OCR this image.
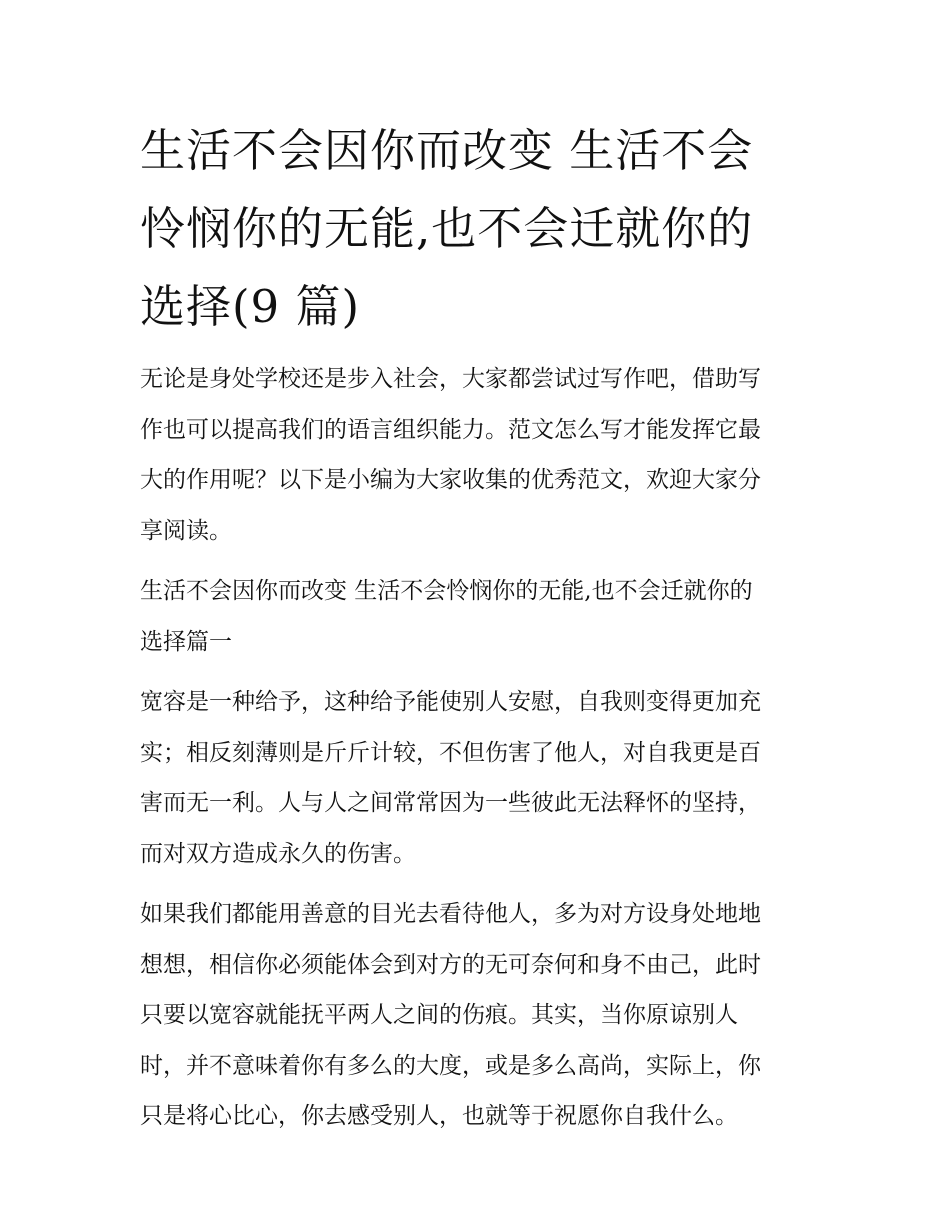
生活不会因你而改变 生活不会
怜悯你的无能,也不会迁就你的
选择(9 篇)

无论是身处学校还是步入社会，大家都尝试过写作吧，借助写
作也可以提高我们的语言组织能力。范文怎么写才能发挥它最
大的作用呢？以下是小编为大家收集的优秀范文，欢迎大家分
享阅读。

生活不会因你而改变 生活不会怜悯你的无能,也不会迁就你的
选择篇一

宽容是一种给予，这种给予能使别人安慰，自我则变得更加充
实；相反刻薄则是斤斤计较，不但伤害了他人，对自我更是百
害而无一利。人与人之间常常因为一些彼此无法释怀的坚持，
而对双方造成永久的伤害。

如果我们都能用善意的目光去看待他人，多为对方设身处地地
想想，相信你必须能体会到对方的无可奈何和身不由己，此时
只要以宽容就能抚平两人之间的伤痕。其实，当你原谅别人
时，并不意味着你有多么的大度，或是多么高尚，实际上，你
只是将心比心，你去感受别人，也就等于祝愿你自我什么。
